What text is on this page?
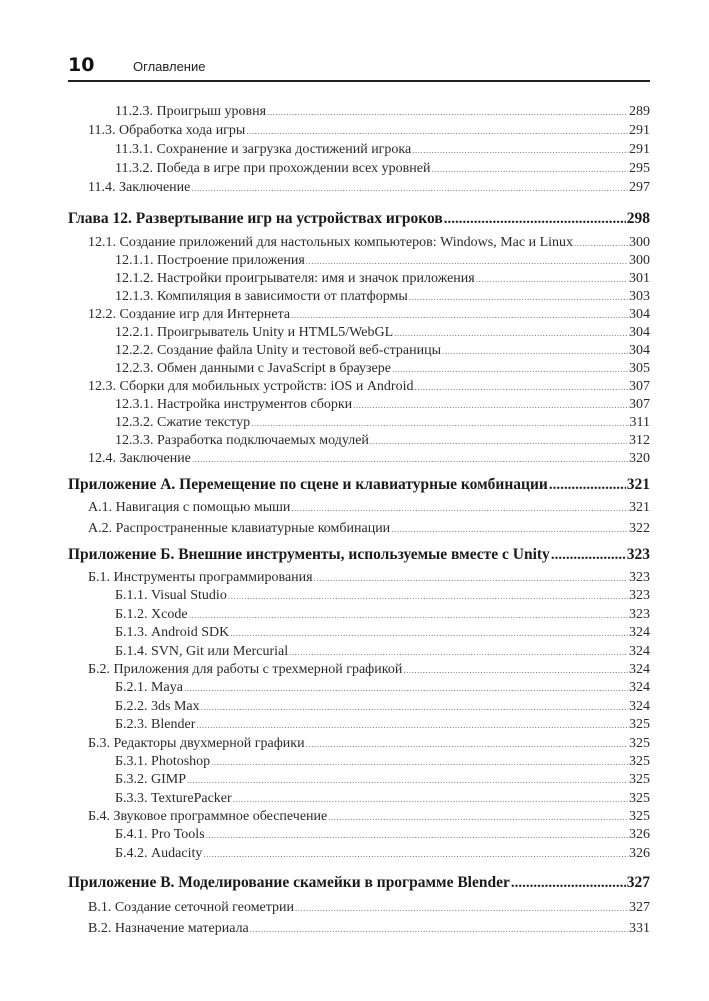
10	Оглавление
11.2.3. Проигрыш уровня .....	289
11.3. Обработка хода игры .....	291
11.3.1. Сохранение и загрузка достижений игрока .....	291
11.3.2. Победа в игре при прохождении всех уровней .....	295
11.4. Заключение .....	297
Глава 12. Развертывание игр на устройствах игроков .....	298
12.1. Создание приложений для настольных компьютеров: Windows, Mac и Linux .....	300
12.1.1. Построение приложения .....	300
12.1.2. Настройки проигрывателя: имя и значок приложения .....	301
12.1.3. Компиляция в зависимости от платформы .....	303
12.2. Создание игр для Интернета .....	304
12.2.1. Проигрыватель Unity и HTML5/WebGL .....	304
12.2.2. Создание файла Unity и тестовой веб-страницы .....	304
12.2.3. Обмен данными с JavaScript в браузере .....	305
12.3. Сборки для мобильных устройств: iOS и Android .....	307
12.3.1. Настройка инструментов сборки .....	307
12.3.2. Сжатие текстур .....	311
12.3.3. Разработка подключаемых модулей .....	312
12.4. Заключение .....	320
Приложение А. Перемещение по сцене и клавиатурные комбинации .....	321
А.1. Навигация с помощью мыши .....	321
А.2. Распространенные клавиатурные комбинации .....	322
Приложение Б. Внешние инструменты, используемые вместе с Unity .....	323
Б.1. Инструменты программирования .....	323
Б.1.1. Visual Studio .....	323
Б.1.2. Xcode .....	323
Б.1.3. Android SDK .....	324
Б.1.4. SVN, Git или Mercurial .....	324
Б.2. Приложения для работы с трехмерной графикой .....	324
Б.2.1. Maya .....	324
Б.2.2. 3ds Max .....	324
Б.2.3. Blender .....	325
Б.3. Редакторы двухмерной графики .....	325
Б.3.1. Photoshop .....	325
Б.3.2. GIMP .....	325
Б.3.3. TexturePacker .....	325
Б.4. Звуковое программное обеспечение .....	325
Б.4.1. Pro Tools .....	326
Б.4.2. Audacity .....	326
Приложение В. Моделирование скамейки в программе Blender .....	327
В.1. Создание сеточной геометрии .....	327
В.2. Назначение материала .....	331
